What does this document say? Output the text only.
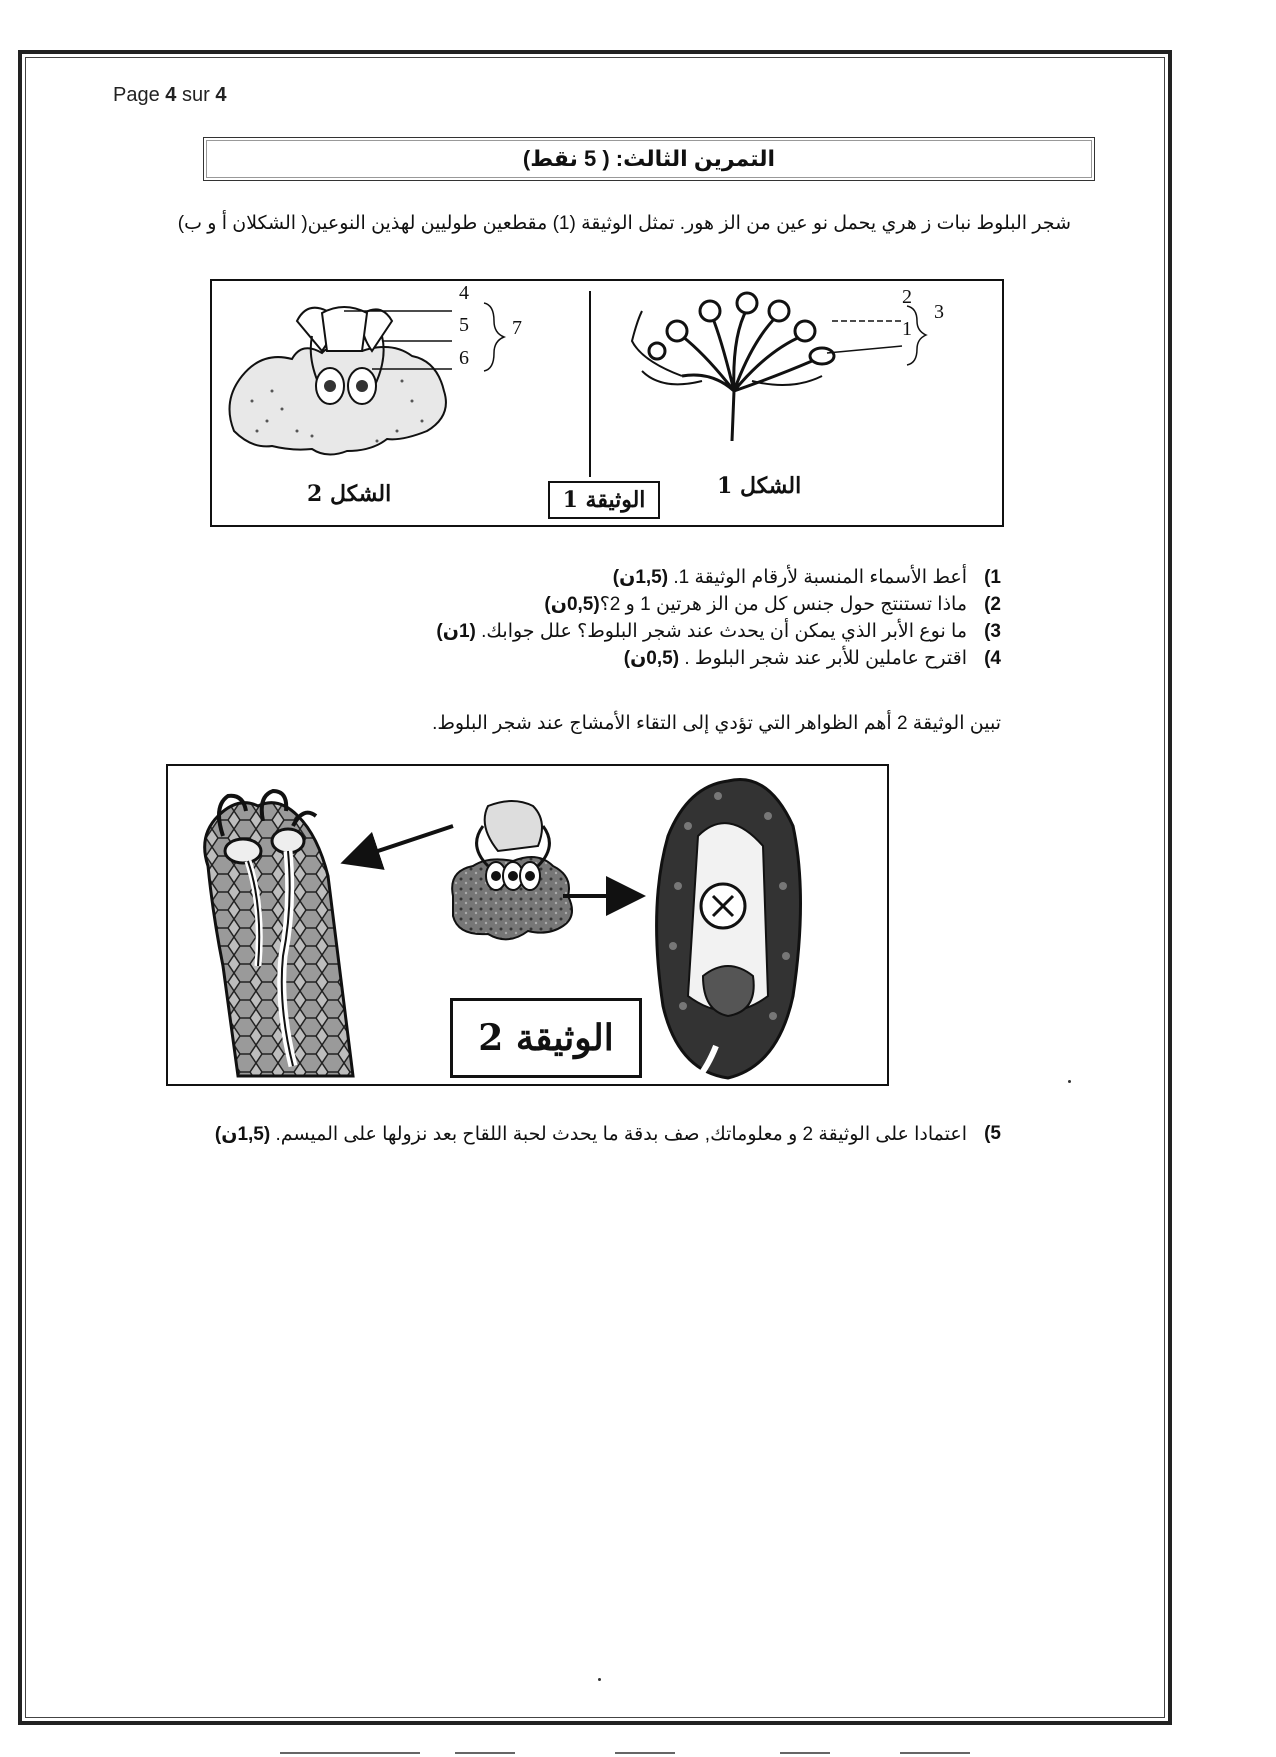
Page 4 sur 4
التمرين الثالث: ( 5 نقط)
شجر البلوط نبات ز هري يحمل نو عين من الز هور. تمثل الوثيقة (1) مقطعين طوليين لهذين النوعين( الشكلان أ و ب)
4
5
6
7
2
1
3
الشكل 2	الشكل 1
الوثيقة 1
1)
أعط الأسماء المنسبة لأرقام الوثيقة 1. (1,5ن)
2)
ماذا تستنتج حول جنس كل من الز هرتين 1 و 2؟(0,5ن)
3)
ما نوع الأبر الذي يمكن أن يحدث عند شجر البلوط؟ علل جوابك. (1ن)
4)
اقترح عاملين للأبر عند شجر البلوط . (0,5ن)
تبين الوثيقة 2 أهم الظواهر التي تؤدي إلى التقاء الأمشاج عند شجر البلوط.
الوثيقة 2
5)
اعتمادا على الوثيقة 2 و معلوماتك, صف بدقة ما يحدث لحبة اللقاح بعد نزولها على الميسم. (1,5ن)
